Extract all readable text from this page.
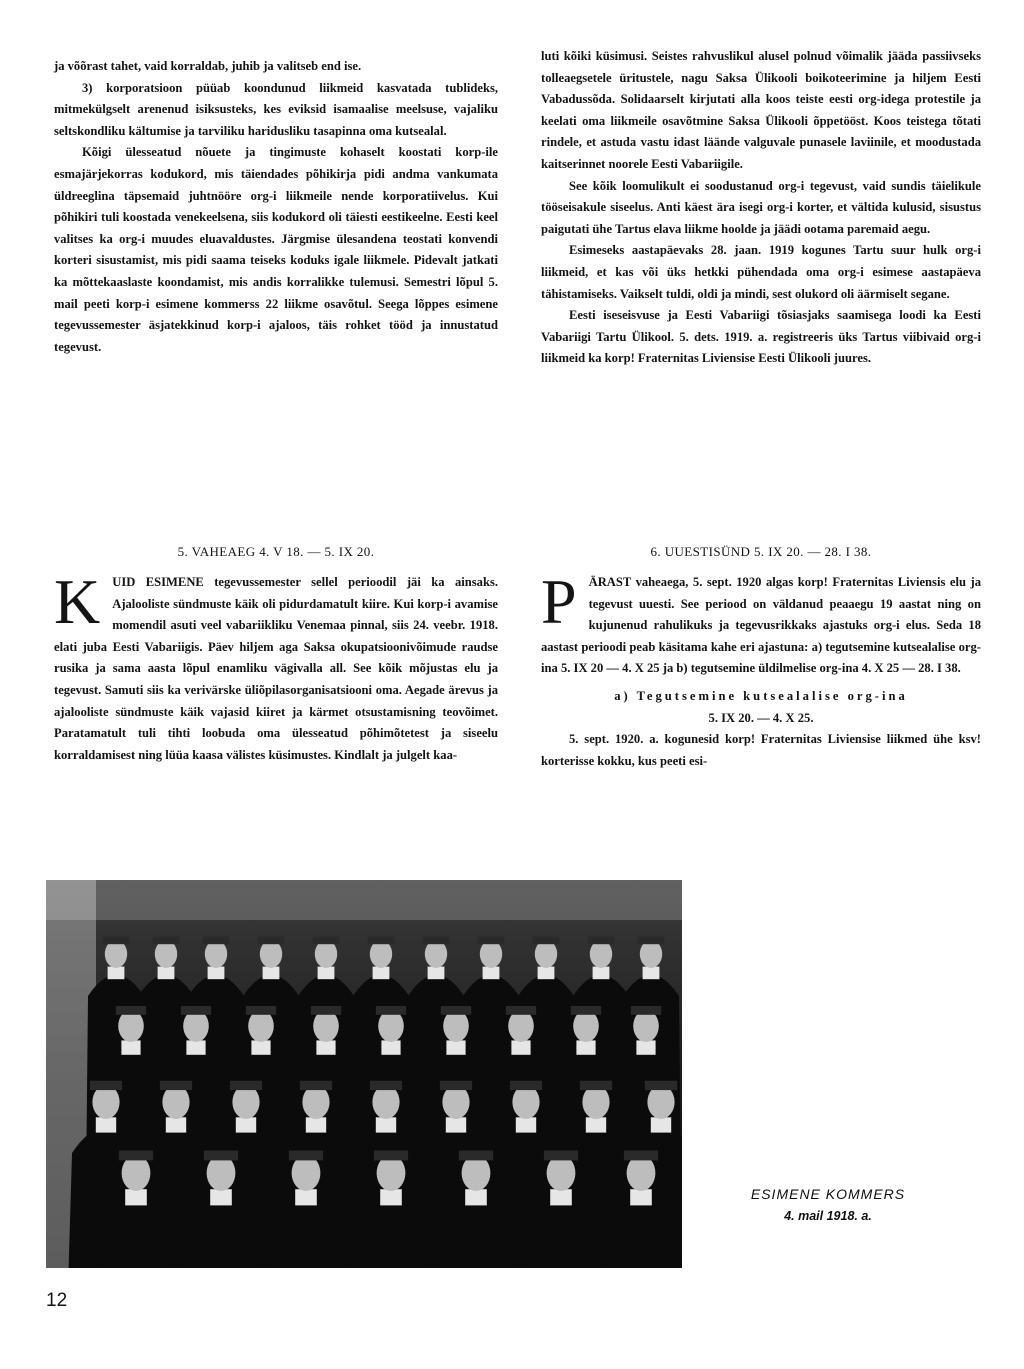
ja võõrast tahet, vaid korraldab, juhib ja valitseb end ise.

3) korporatsioon püüab koondunud liikmeid kasvatada tublideks, mitmekülgselt arenenud isiksusteks, kes eviksid isamaalise meelsuse, vajaliku seltskondliku kältumise ja tarviliku haridusliku tasapinna oma kutsealal.

Kõigi ülesseatud nõuete ja tingimuste kohaselt koostati korp-ile esmajärjekorras kodukord, mis täiendades põhikirja pidi andma vankumata üldreeglina täpsemaid juhtnööre org-i liikmeile nende korporatiivelus. Kui põhikiri tuli koostada venekeelsena, siis kodukord oli täiesti eestikeelne. Eesti keel valitses ka org-i muudes eluavaldustes. Järgmise ülesandena teostati konvendi korteri sisustamist, mis pidi saama teiseks koduks igale liikmele. Pidevalt jatkati ka mõttekaaslaste koondamist, mis andis korralikke tulemusi. Semestri lõpul 5. mail peeti korp-i esimene kommerss 22 liikme osavõtul. Seega lõppes esimene tegevussemester äsjatekkinud korp-i ajaloos, täis rohket tööd ja innustatud tegevust.

luti kõiki küsimusi. Seistes rahvuslikul alusel polnud võimalik jääda passiivseks tolleaegsetele üritustele, nagu Saksa Ülikooli boikoteerimine ja hiljem Eesti Vabadussõda. Solidaarselt kirjutati alla koos teiste eesti org-idega protestile ja keelati oma liikmeile osavõtmine Saksa Ülikooli õppetööst. Koos teistega tõtati rindele, et astuda vastu idast läände valguvale punasele laviinile, et moodustada kaitserinnet noorele Eesti Vabariigile.

See kõik loomulikult ei soodustanud org-i tegevust, vaid sundis täielikule tööseisakule siseelus. Anti käest ära isegi org-i korter, et vältida kulusid, sisustus paigutati ühe Tartus elava liikme hoolde ja jäädi ootama paremaid aegu.

Esimeseks aastapäevaks 28. jaan. 1919 kogunes Tartu suur hulk org-i liikmeid, et kas või üks hetkki pühendada oma org-i esimese aastapäeva tähistamiseks. Vaikselt tuldi, oldi ja mindi, sest olukord oli äärmiselt segane.

Eesti iseseisvuse ja Eesti Vabariigi tõsiasjaks saamisega loodi ka Eesti Vabariigi Tartu Ülikool. 5. dets. 1919. a. registreeris üks Tartus viibivaid org-i liikmeid ka korp! Fraternitas Liviensise Eesti Ülikooli juures.

5. VAHEAEG 4. V 18. — 5. IX 20.	6. UUESTISÜND 5. IX 20. — 28. I 38.

K UID ESIMENE tegevussemester sellel perioodil jäi ka ainsaks. Ajalooliste sündmuste käik oli pidurdamatult kiire. Kui korp-i avamise momendil asuti veel vabariikliku Venemaa pinnal, siis 24. veebr. 1918. elati juba Eesti Vabariigis. Päev hiljem aga Saksa okupatsioonivõimude raudse rusika ja sama aasta lõpul enamliku vägivalla all. See kõik mõjustas elu ja tegevust. Samuti siis ka verivärske üliõpilasorganisatsiooni oma. Aegade ärevus ja ajalooliste sündmuste käik vajasid kiiret ja kärmet otsustamisning teovõimet. Paratamatult tuli tihti loobuda oma ülesseatud põhimõtetest ja siseelu korraldamisest ning lüüa kaasa välistes küsimustes. Kindlalt ja julgelt kaa-

P ÄRAST vaheaega, 5. sept. 1920 algas korp! Fraternitas Liviensis elu ja tegevust uuesti. See periood on väldanud peaaegu 19 aastat ning on kujunenud rahulikuks ja tegevusrikkaks ajastuks org-i elus. Seda 18 aastast perioodi peab käsitama kahe eri ajastuna: a) tegutsemine kutsealalise org-ina 5. IX 20 — 4. X 25 ja b) tegutsemine üldilmelise org-ina 4. X 25 — 28. I 38.

a) Tegutsemine kutsealalise org-ina
5. IX 20. — 4. X 25.

5. sept. 1920. a. kogunesid korp! Fraternitas Liviensise liikmed ühe ksv! korterisse kokku, kus peeti esi-

ESIMENE KOMMERS
4. mail 1918. a.
12
